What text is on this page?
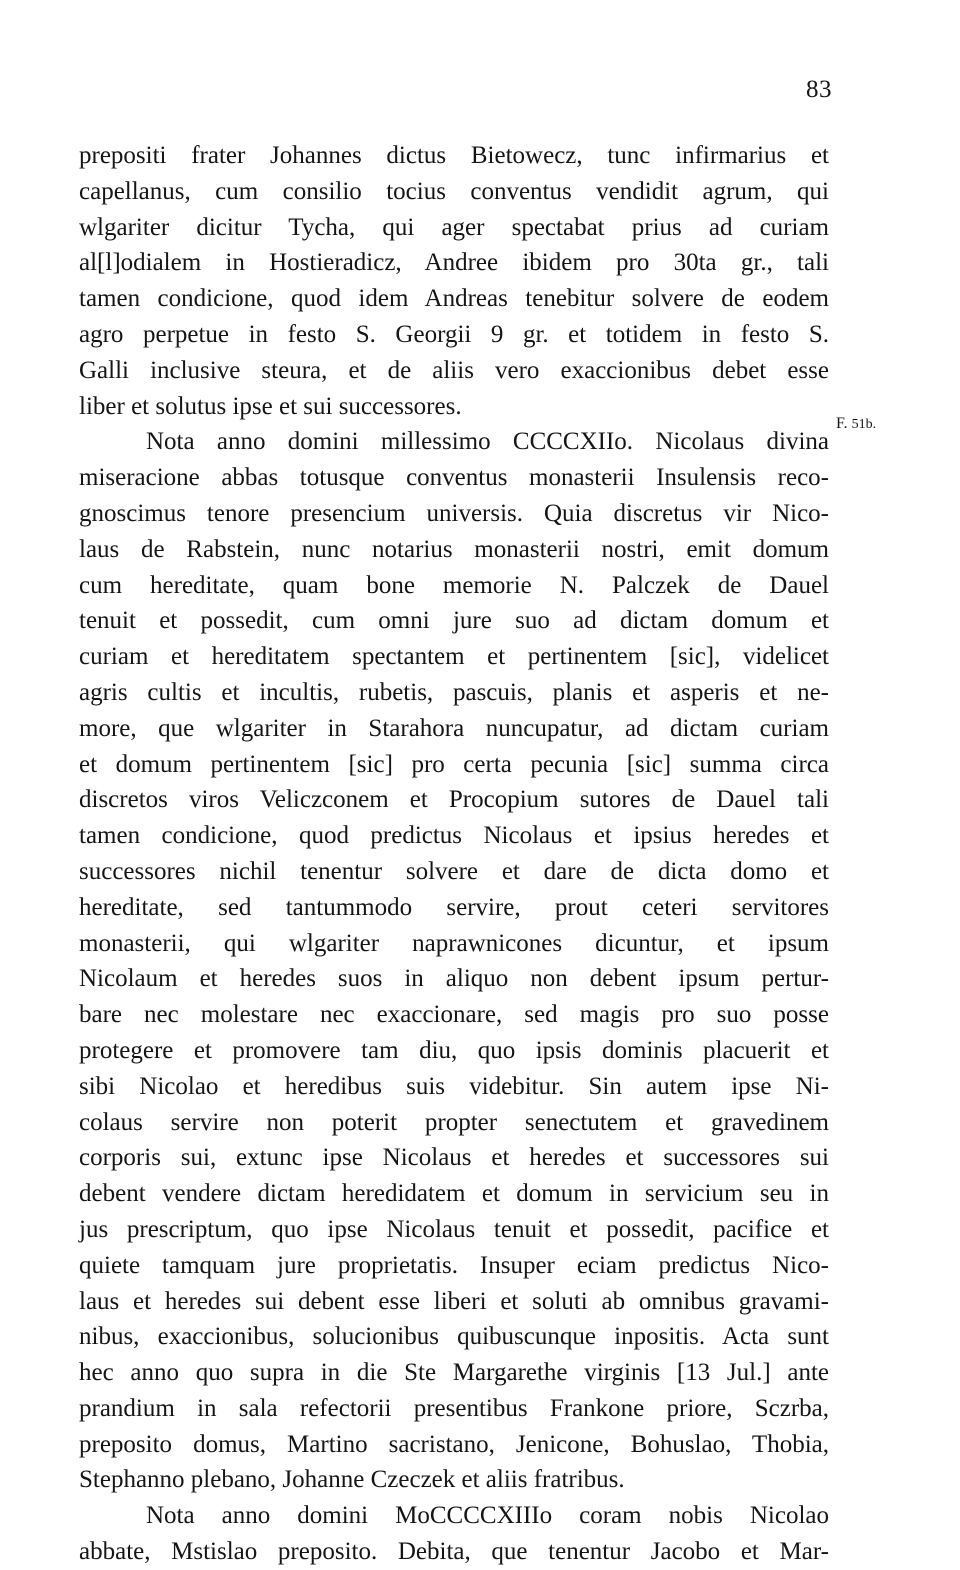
83
F. 51b.
prepositi frater Johannes dictus Bietowecz, tunc infirmarius et
capellanus, cum consilio tocius conventus vendidit agrum, qui
wlgariter dicitur Tycha, qui ager spectabat prius ad curiam
al[l]odialem in Hostieradicz, Andree ibidem pro 30ta gr., tali
tamen condicione, quod idem Andreas tenebitur solvere de eodem
agro perpetue in festo S. Georgii 9 gr. et totidem in festo S.
Galli inclusive steura, et de aliis vero exaccionibus debet esse
liber et solutus ipse et sui successores.
Nota anno domini millessimo CCCCXIIo. Nicolaus divina
miseracione abbas totusque conventus monasterii Insulensis reco-
gnoscimus tenore presencium universis. Quia discretus vir Nico-
laus de Rabstein, nunc notarius monasterii nostri, emit domum
cum hereditate, quam bone memorie N. Palczek de Dauel
tenuit et possedit, cum omni jure suo ad dictam domum et
curiam et hereditatem spectantem et pertinentem [sic], videlicet
agris cultis et incultis, rubetis, pascuis, planis et asperis et ne-
more, que wlgariter in Starahora nuncupatur, ad dictam curiam
et domum pertinentem [sic] pro certa pecunia [sic] summa circa
discretos viros Veliczconem et Procopium sutores de Dauel tali
tamen condicione, quod predictus Nicolaus et ipsius heredes et
successores nichil tenentur solvere et dare de dicta domo et
hereditate, sed tantummodo servire, prout ceteri servitores
monasterii, qui wlgariter naprawnicones dicuntur, et ipsum
Nicolaum et heredes suos in aliquo non debent ipsum pertur-
bare nec molestare nec exaccionare, sed magis pro suo posse
protegere et promovere tam diu, quo ipsis dominis placuerit et
sibi Nicolao et heredibus suis videbitur. Sin autem ipse Ni-
colaus servire non poterit propter senectutem et gravedinem
corporis sui, extunc ipse Nicolaus et heredes et successores sui
debent vendere dictam heredidatem et domum in servicium seu in
jus prescriptum, quo ipse Nicolaus tenuit et possedit, pacifice et
quiete tamquam jure proprietatis. Insuper eciam predictus Nico-
laus et heredes sui debent esse liberi et soluti ab omnibus gravami-
nibus, exaccionibus, solucionibus quibuscunque inpositis. Acta sunt
hec anno quo supra in die Ste Margarethe virginis [13 Jul.] ante
prandium in sala refectorii presentibus Frankone priore, Sczrba,
preposito domus, Martino sacristano, Jenicone, Bohuslao, Thobia,
Stephanno plebano, Johanne Czeczek et aliis fratribus.
Nota anno domini MoCCCCXIIIo coram nobis Nicolao
abbate, Mstislao preposito. Debita, que tenentur Jacobo et Mar-
